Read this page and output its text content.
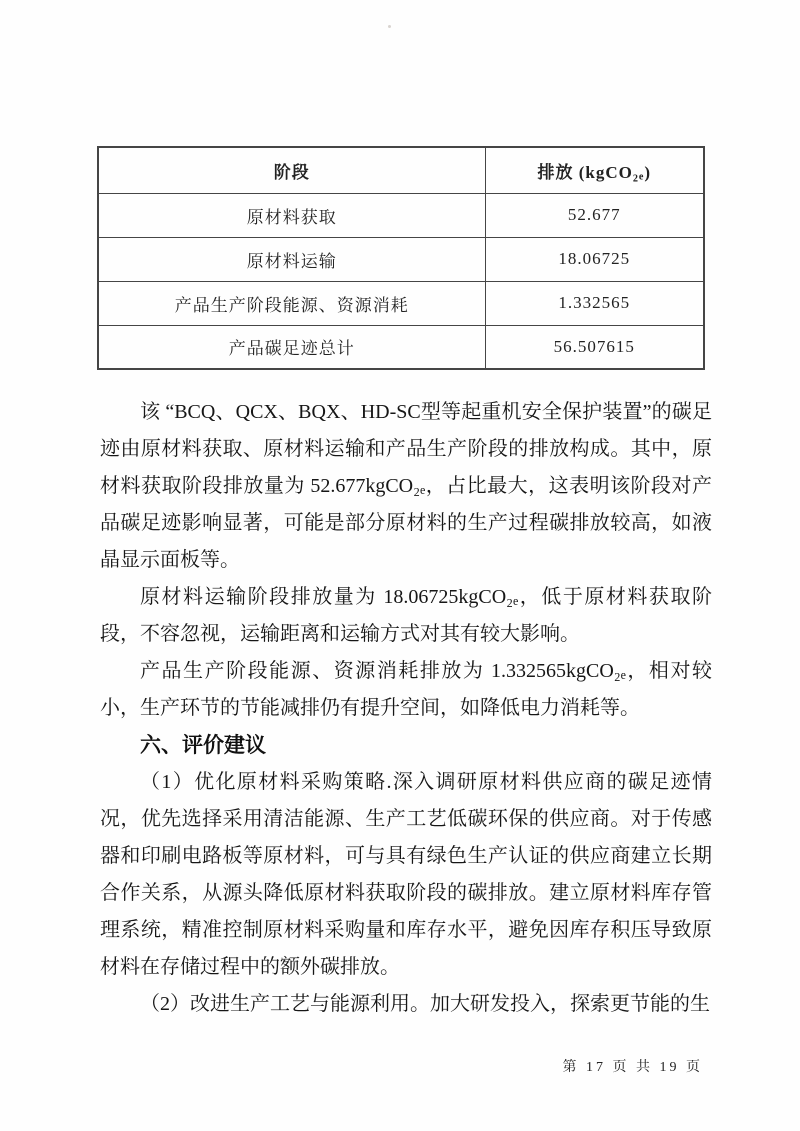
阶段	排放 (kgCO₂ₑ)
原材料获取	52.677
原材料运输	18.06725
产品生产阶段能源、资源消耗	1.332565
产品碳足迹总计	56.507615

该 “BCQ、QCX、BQX、HD-SC型等起重机安全保护装置”的碳足迹由原材料获取、原材料运输和产品生产阶段的排放构成。其中，原材料获取阶段排放量为 52.677kgCO₂ₑ，占比最大，这表明该阶段对产品碳足迹影响显著，可能是部分原材料的生产过程碳排放较高，如液晶显示面板等。

原材料运输阶段排放量为 18.06725kgCO₂ₑ，低于原材料获取阶段，不容忽视，运输距离和运输方式对其有较大影响。

产品生产阶段能源、资源消耗排放为 1.332565kgCO₂ₑ，相对较小，生产环节的节能减排仍有提升空间，如降低电力消耗等。

六、评价建议

（1）优化原材料采购策略.深入调研原材料供应商的碳足迹情况，优先选择采用清洁能源、生产工艺低碳环保的供应商。对于传感器和印刷电路板等原材料，可与具有绿色生产认证的供应商建立长期合作关系，从源头降低原材料获取阶段的碳排放。建立原材料库存管理系统，精准控制原材料采购量和库存水平，避免因库存积压导致原材料在存储过程中的额外碳排放。

（2）改进生产工艺与能源利用。加大研发投入，探索更节能的生

第 17 页 共 19 页
